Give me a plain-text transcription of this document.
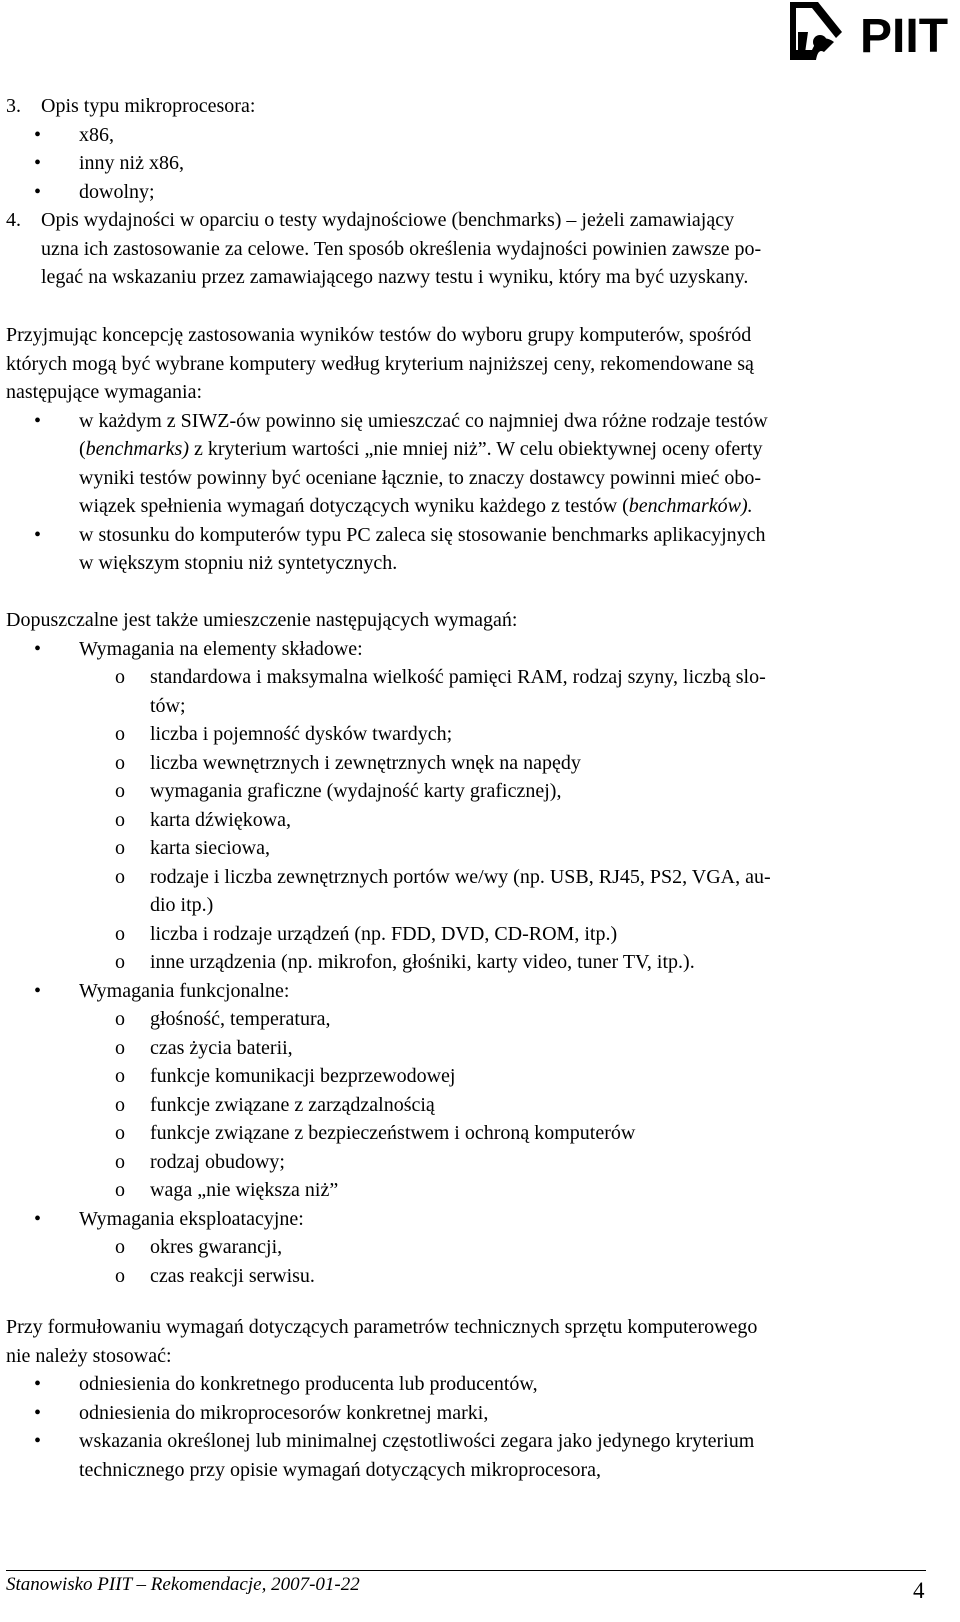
PIIT
3. Opis typu mikroprocesora:
• x86,
• inny niż x86,
• dowolny;
4. Opis wydajności w oparciu o testy wydajnościowe (benchmarks) – jeżeli zamawiający
uzna ich zastosowanie za celowe. Ten sposób określenia wydajności powinien zawsze po-
legać na wskazaniu przez zamawiającego nazwy testu i wyniku, który ma być uzyskany.
Przyjmując koncepcję zastosowania wyników testów do wyboru grupy komputerów, spośród
których mogą być wybrane komputery według kryterium najniższej ceny, rekomendowane są
następujące wymagania:
• w każdym z SIWZ-ów powinno się umieszczać co najmniej dwa różne rodzaje testów
(benchmarks) z kryterium wartości „nie mniej niż”. W celu obiektywnej oceny oferty
wyniki testów powinny być oceniane łącznie, to znaczy dostawcy powinni mieć obo-
wiązek spełnienia wymagań dotyczących wyniku każdego z testów (benchmarków).
• w stosunku do komputerów typu PC zaleca się stosowanie benchmarks aplikacyjnych
w większym stopniu niż syntetycznych.
Dopuszczalne jest także umieszczenie następujących wymagań:
• Wymagania na elementy składowe:
o standardowa i maksymalna wielkość pamięci RAM, rodzaj szyny, liczbą slo-
tów;
o liczba i pojemność dysków twardych;
o liczba wewnętrznych i zewnętrznych wnęk na napędy
o wymagania graficzne (wydajność karty graficznej),
o karta dźwiękowa,
o karta sieciowa,
o rodzaje i liczba zewnętrznych portów we/wy (np. USB, RJ45, PS2, VGA, au-
dio itp.)
o liczba i rodzaje urządzeń (np. FDD, DVD, CD-ROM, itp.)
o inne urządzenia (np. mikrofon, głośniki, karty video, tuner TV, itp.).
• Wymagania funkcjonalne:
o głośność, temperatura,
o czas życia baterii,
o funkcje komunikacji bezprzewodowej
o funkcje związane z zarządzalnością
o funkcje związane z bezpieczeństwem i ochroną komputerów
o rodzaj obudowy;
o waga „nie większa niż”
• Wymagania eksploatacyjne:
o okres gwarancji,
o czas reakcji serwisu.
Przy formułowaniu wymagań dotyczących parametrów technicznych sprzętu komputerowego
nie należy stosować:
• odniesienia do konkretnego producenta lub producentów,
• odniesienia do mikroprocesorów konkretnej marki,
• wskazania określonej lub minimalnej częstotliwości zegara jako jedynego kryterium
technicznego przy opisie wymagań dotyczących mikroprocesora,
Stanowisko PIIT – Rekomendacje, 2007-01-22	4
